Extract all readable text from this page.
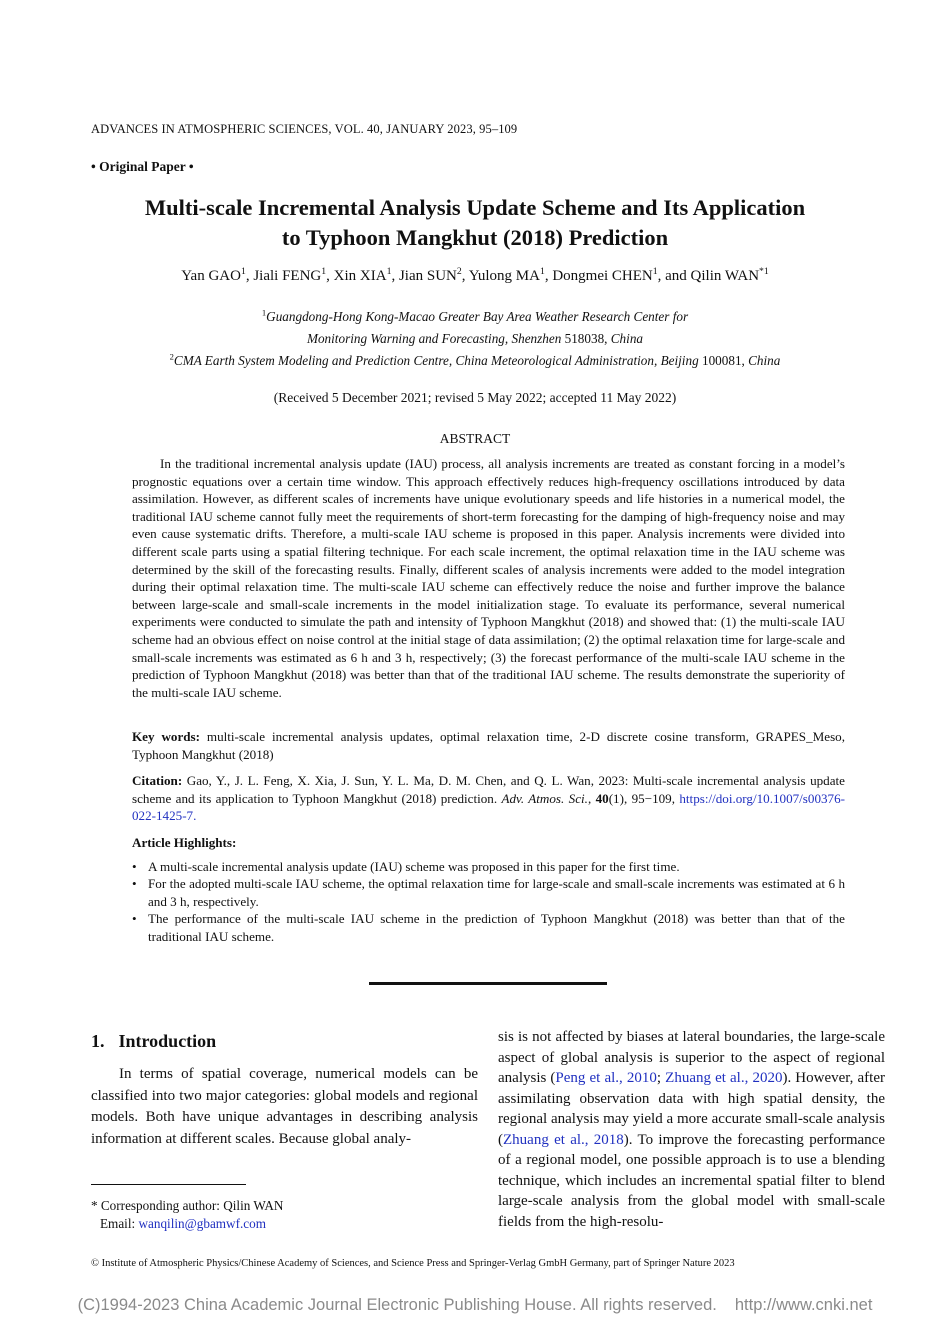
ADVANCES IN ATMOSPHERIC SCIENCES, VOL. 40, JANUARY 2023, 95–109
• Original Paper •
Multi-scale Incremental Analysis Update Scheme and Its Application
to Typhoon Mangkhut (2018) Prediction
Yan GAO$^1$, Jiali FENG$^1$, Xin XIA$^1$, Jian SUN$^2$, Yulong $MA^1$, Dongmei CHEN$^1$, and Qilin WAN$^{*1}$
$^1$Guangdong-Hong Kong-Macao Greater Bay Area Weather Research Center for
Monitoring Warning and Forecasting, Shenzhen 518038, China
$^2$CMA Earth System Modeling and Prediction Centre, China Meteorological Administration, Beijing 100081, China
(Received 5 December 2021; revised 5 May 2022; accepted 11 May 2022)
ABSTRACT

In the traditional incremental analysis update (IAU) process, all analysis increments are treated as constant forcing in a model’s prognostic equations over a certain time window. This approach effectively reduces high-frequency oscillations introduced by data assimilation. However, as different scales of increments have unique evolutionary speeds and life histories in a numerical model, the traditional IAU scheme cannot fully meet the requirements of short-term forecasting for the damping of high-frequency noise and may even cause systematic drifts. Therefore, a multi-scale IAU scheme is proposed in this paper. Analysis increments were divided into different scale parts using a spatial filtering technique. For each scale increment, the optimal relaxation time in the IAU scheme was determined by the skill of the forecasting results. Finally, different scales of analysis increments were added to the model integration during their optimal relaxation time. The multi-scale IAU scheme can effectively reduce the noise and further improve the balance between large-scale and small-scale increments in the model initialization stage. To evaluate its performance, several numerical experiments were conducted to simulate the path and intensity of Typhoon Mangkhut (2018) and showed that: (1) the multi-scale IAU scheme had an obvious effect on noise control at the initial stage of data assimilation; (2) the optimal relaxation time for large-scale and small-scale increments was estimated as 6 h and 3 h, respectively; (3) the forecast performance of the multi-scale IAU scheme in the prediction of Typhoon Mangkhut (2018) was better than that of the traditional IAU scheme. The results demonstrate the superiority of the multi-scale IAU scheme.

Key words: multi-scale incremental analysis updates, optimal relaxation time, 2-D discrete cosine transform, GRAPES_Meso, Typhoon Mangkhut (2018)

Citation: Gao, Y., J. L. Feng, X. Xia, J. Sun, Y. L. Ma, D. M. Chen, and Q. L. Wan, 2023: Multi-scale incremental analysis update scheme and its application to Typhoon Mangkhut (2018) prediction. Adv. Atmos. Sci., 40(1), 95−109, https://doi.org/10.1007/s00376-022-1425-7.

Article Highlights:
• A multi-scale incremental analysis update (IAU) scheme was proposed in this paper for the first time.
• For the adopted multi-scale IAU scheme, the optimal relaxation time for large-scale and small-scale increments was estimated at 6 h and 3 h, respectively.
• The performance of the multi-scale IAU scheme in the prediction of Typhoon Mangkhut (2018) was better than that of the traditional IAU scheme.
1. Introduction

In terms of spatial coverage, numerical models can be classified into two major categories: global models and regional models. Both have unique advantages in describing analysis information at different scales. Because global analy-

sis is not affected by biases at lateral boundaries, the large-scale aspect of global analysis is superior to the aspect of regional analysis (Peng et al., 2010; Zhuang et al., 2020). However, after assimilating observation data with high spatial density, the regional analysis may yield a more accurate small-scale analysis (Zhuang et al., 2018). To improve the forecasting performance of a regional model, one possible approach is to use a blending technique, which includes an incremental spatial filter to blend large-scale analysis from the global model with small-scale fields from the high-resolu-

* Corresponding author: Qilin WAN
Email: wanqilin@gbamwf.com
© Institute of Atmospheric Physics/Chinese Academy of Sciences, and Science Press and Springer-Verlag GmbH Germany, part of Springer Nature 2023
(C)1994-2023 China Academic Journal Electronic Publishing House. All rights reserved. http://www.cnki.net
